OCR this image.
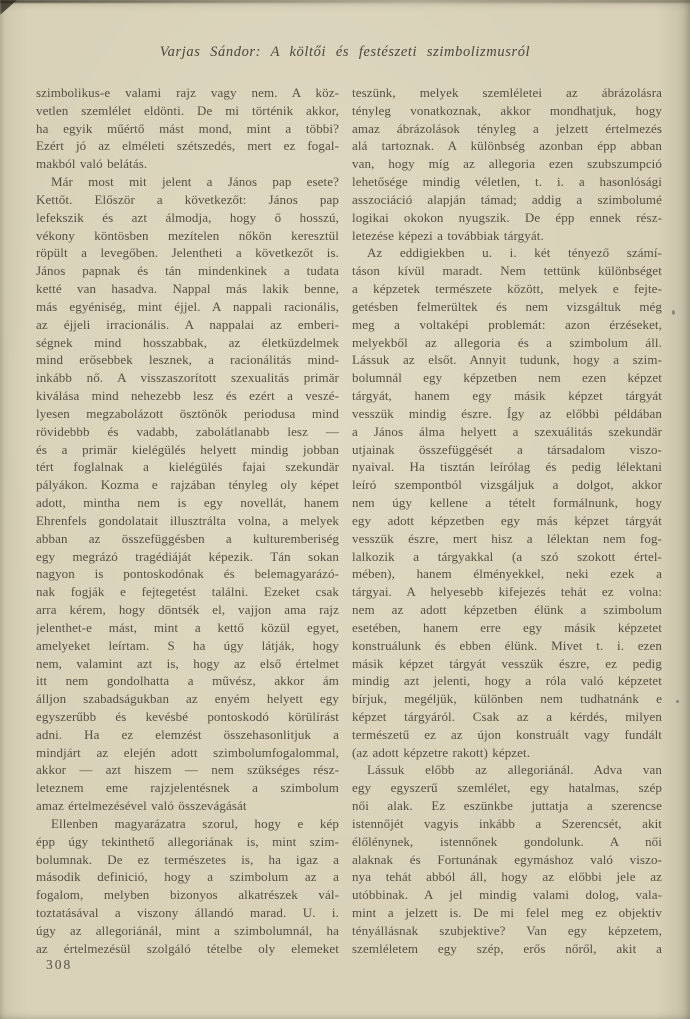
Varjas Sándor: A költői és festészeti szimbolizmusról
szimbolikus-e valami rajz vagy nem. A köz-
vetlen szemlélet eldönti. De mi történik akkor,
ha egyik műértő mást mond, mint a többi?
Ezért jó az elméleti szétszedés, mert ez fogal-
makból való belátás.
Már most mit jelent a János pap esete?
Kettőt. Először a következőt: János pap
lefekszik és azt álmodja, hogy ő hosszú,
vékony köntösben mezítelen nőkön keresztül
röpült a levegőben. Jelentheti a következőt is.
János papnak és tán mindenkinek a tudata
ketté van hasadva. Nappal más lakik benne,
más egyéniség, mint éjjel. A nappali racionális,
az éjjeli irracionális. A nappalai az emberi-
ségnek mind hosszabbak, az életküzdelmek
mind erősebbek lesznek, a racionálitás mind-
inkább nő. A visszaszorított szexualitás primär
kiválása mind nehezebb lesz és ezért a veszé-
lyesen megzabolázott ösztönök periodusa mind
rövidebbb és vadabb, zabolátlanabb lesz —
és a primär kielégülés helyett mindig jobban
tért foglalnak a kielégülés fajai szekundär
pályákon. Kozma e rajzában tényleg oly képet
adott, mintha nem is egy novellát, hanem
Ehrenfels gondolatait illusztrálta volna, a melyek
abban az összefüggésben a kulturemberiség
egy megrázó tragédiáját képezik. Tán sokan
nagyon is pontoskodónak és belemagyarázó-
nak fogják e fejtegetést találni. Ezeket csak
arra kérem, hogy döntsék el, vajjon ama rajz
jelenthet-e mást, mint a kettő közül egyet,
amelyeket leírtam. S ha úgy látják, hogy
nem, valamint azt is, hogy az első értelmet
itt nem gondolhatta a művész, akkor ám
álljon szabadságukban az enyém helyett egy
egyszerűbb és kevésbé pontoskodó körülírást
adni. Ha ez elemzést összehasonlitjuk a
mindjárt az elején adott szimbolumfogalommal,
akkor — azt hiszem — nem szükséges rész-
leteznem eme rajzjelentésnek a szimbolum
amaz értelmezésével való összevágását
Ellenben magyarázatra szorul, hogy e kép
épp úgy tekinthető allegoriának is, mint szim-
bolumnak. De ez természetes is, ha igaz a
második definició, hogy a szimbolum az a
fogalom, melyben bizonyos alkatrészek vál-
toztatásával a viszony állandó marad. U. i.
úgy az allegoriánál, mint a szimbolumnál, ha
az értelmezésül szolgáló tételbe oly elemeket
teszünk, melyek szemléletei az ábrázolásra
tényleg vonatkoznak, akkor mondhatjuk, hogy
amaz ábrázolások tényleg a jelzett értelmezés
alá tartoznak. A különbség azonban épp abban
van, hogy míg az allegoria ezen szubszumpció
lehetősége mindig véletlen, t. i. a hasonlósági
asszociáció alapján támad; addig a szimbolumé
logikai okokon nyugszik. De épp ennek rész-
letezése képezi a továbbiak tárgyát.
Az eddigiekben u. i. két tényező számí-
táson kívül maradt. Nem tettünk különbséget
a képzetek természete között, melyek e fejte-
getésben felmerültek és nem vizsgáltuk még
meg a voltaképi problemát: azon érzéseket,
melyekből az allegoria és a szimbolum áll.
Lássuk az elsőt. Annyit tudunk, hogy a szim-
bolumnál egy képzetben nem ezen képzet
tárgyát, hanem egy másik képzet tárgyát
vesszük mindig észre. Így az előbbi példában
a János álma helyett a szexuálitás szekundär
utjainak összefüggését a társadalom viszo-
nyaival. Ha tisztán leírólag és pedig lélektani
leíró szempontból vizsgáljuk a dolgot, akkor
nem úgy kellene a tételt formálnunk, hogy
egy adott képzetben egy más képzet tárgyát
vesszük észre, mert hisz a lélektan nem fog-
lalkozik a tárgyakkal (a szó szokott értel-
mében), hanem élményekkel, neki ezek a
tárgyai. A helyesebb kifejezés tehát ez volna:
nem az adott képzetben élünk a szimbolum
esetében, hanem erre egy másik képzetet
konstruálunk és ebben élünk. Mivet t. i. ezen
másik képzet tárgyát vesszük észre, ez pedig
mindig azt jelenti, hogy a róla való képzetet
bírjuk, megéljük, különben nem tudhatnánk e
képzet tárgyáról. Csak az a kérdés, milyen
természetű ez az újon konstruált vagy fundált
(az adott képzetre rakott) képzet.
Lássuk előbb az allegoriánál. Adva van
egy egyszerű szemlélet, egy hatalmas, szép
női alak. Ez eszünkbe juttatja a szerencse
istennőjét vagyis inkább a Szerencsét, akit
élőlénynek, istennőnek gondolunk. A női
alaknak és Fortunának egymáshoz való viszo-
nya tehát abból áll, hogy az előbbi jele az
utóbbinak. A jel mindig valami dolog, vala-
mint a jelzett is. De mi felel meg ez objektiv
tényállásnak szubjektive? Van egy képzetem,
szemléletem egy szép, erős nőről, akit a
308
